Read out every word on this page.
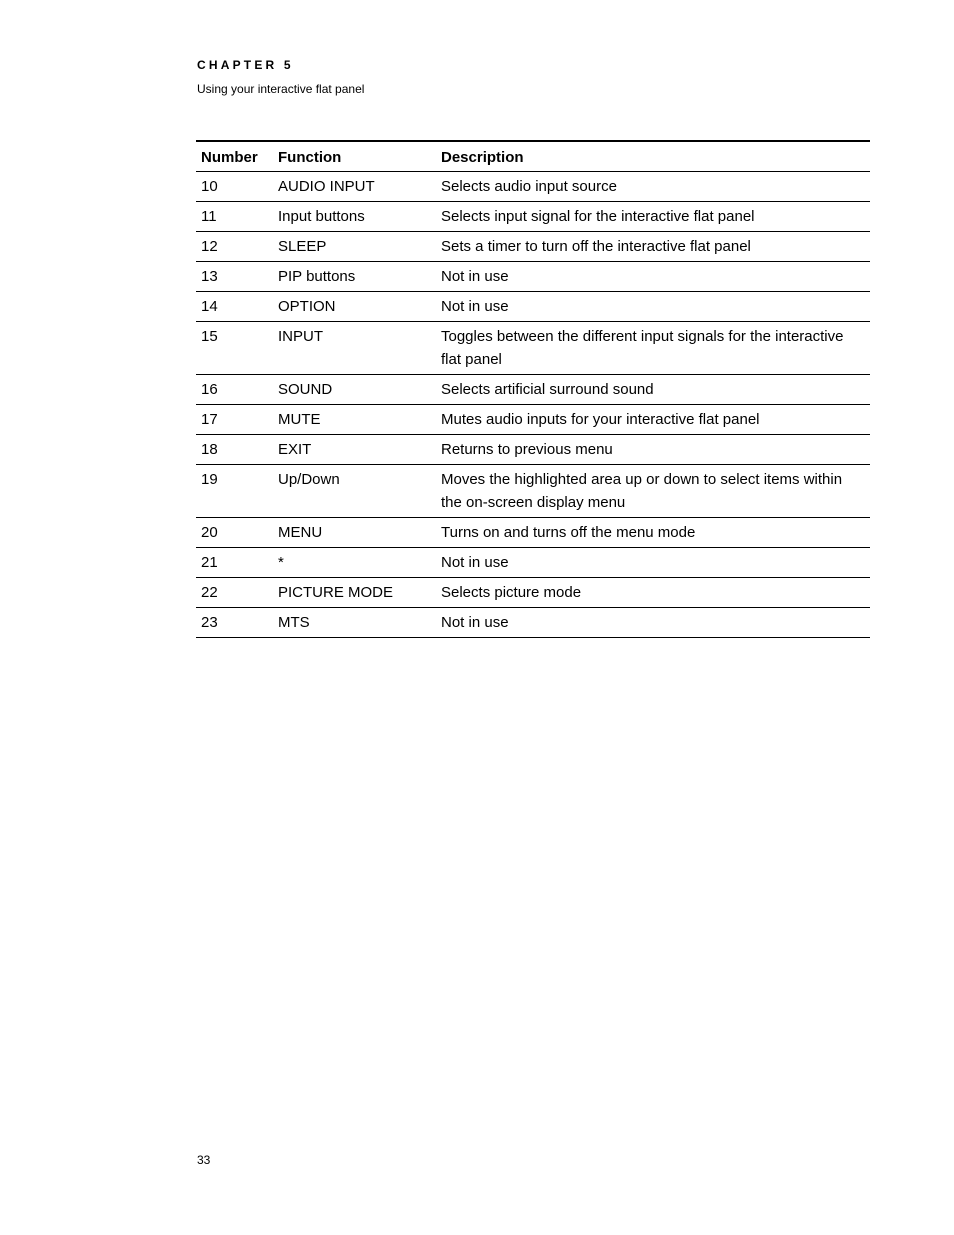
CHAPTER 5
Using your interactive flat panel
Number	Function	Description
10	AUDIO INPUT	Selects audio input source
11	Input buttons	Selects input signal for the interactive flat panel
12	SLEEP	Sets a timer to turn off the interactive flat panel
13	PIP buttons	Not in use
14	OPTION	Not in use
15	INPUT	Toggles between the different input signals for the interactive flat panel
16	SOUND	Selects artificial surround sound
17	MUTE	Mutes audio inputs for your interactive flat panel
18	EXIT	Returns to previous menu
19	Up/Down	Moves the highlighted area up or down to select items within the on-screen display menu
20	MENU	Turns on and turns off the menu mode
21	*	Not in use
22	PICTURE MODE	Selects picture mode
23	MTS	Not in use
33
